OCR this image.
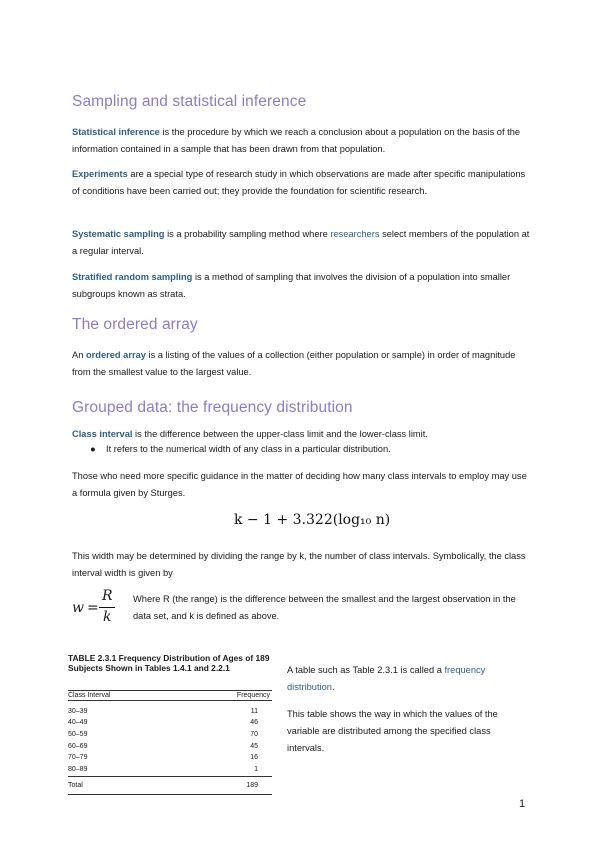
Sampling and statistical inference

Statistical inference is the procedure by which we reach a conclusion about a population on the basis of the information contained in a sample that has been drawn from that population.

Experiments are a special type of research study in which observations are made after specific manipulations of conditions have been carried out; they provide the foundation for scientific research.

Systematic sampling is a probability sampling method where researchers select members of the population at a regular interval.

Stratified random sampling is a method of sampling that involves the division of a population into smaller subgroups known as strata.

The ordered array

An ordered array is a listing of the values of a collection (either population or sample) in order of magnitude from the smallest value to the largest value.

Grouped data: the frequency distribution

Class interval is the difference between the upper-class limit and the lower-class limit.

● It refers to the numerical width of any class in a particular distribution.

Those who need more specific guidance in the matter of deciding how many class intervals to employ may use a formula given by Sturges.

k − 1 + 3.322(log₁₀ n)

This width may be determined by dividing the range by k, the number of class intervals. Symbolically, the class interval width is given by

w =
R
k

Where R (the range) is the difference between the smallest and the largest observation in the data set, and k is defined as above.

TABLE 2.3.1 Frequency Distribution of Ages of 189 Subjects Shown in Tables 1.4.1 and 2.2.1
Class Interval	Frequency

30–39	11
40–49	46
50–59	70
60–69	45
70–79	16
80–89	1
Total	189

A table such as Table 2.3.1 is called a frequency distribution.

This table shows the way in which the values of the variable are distributed among the specified class intervals.

1
